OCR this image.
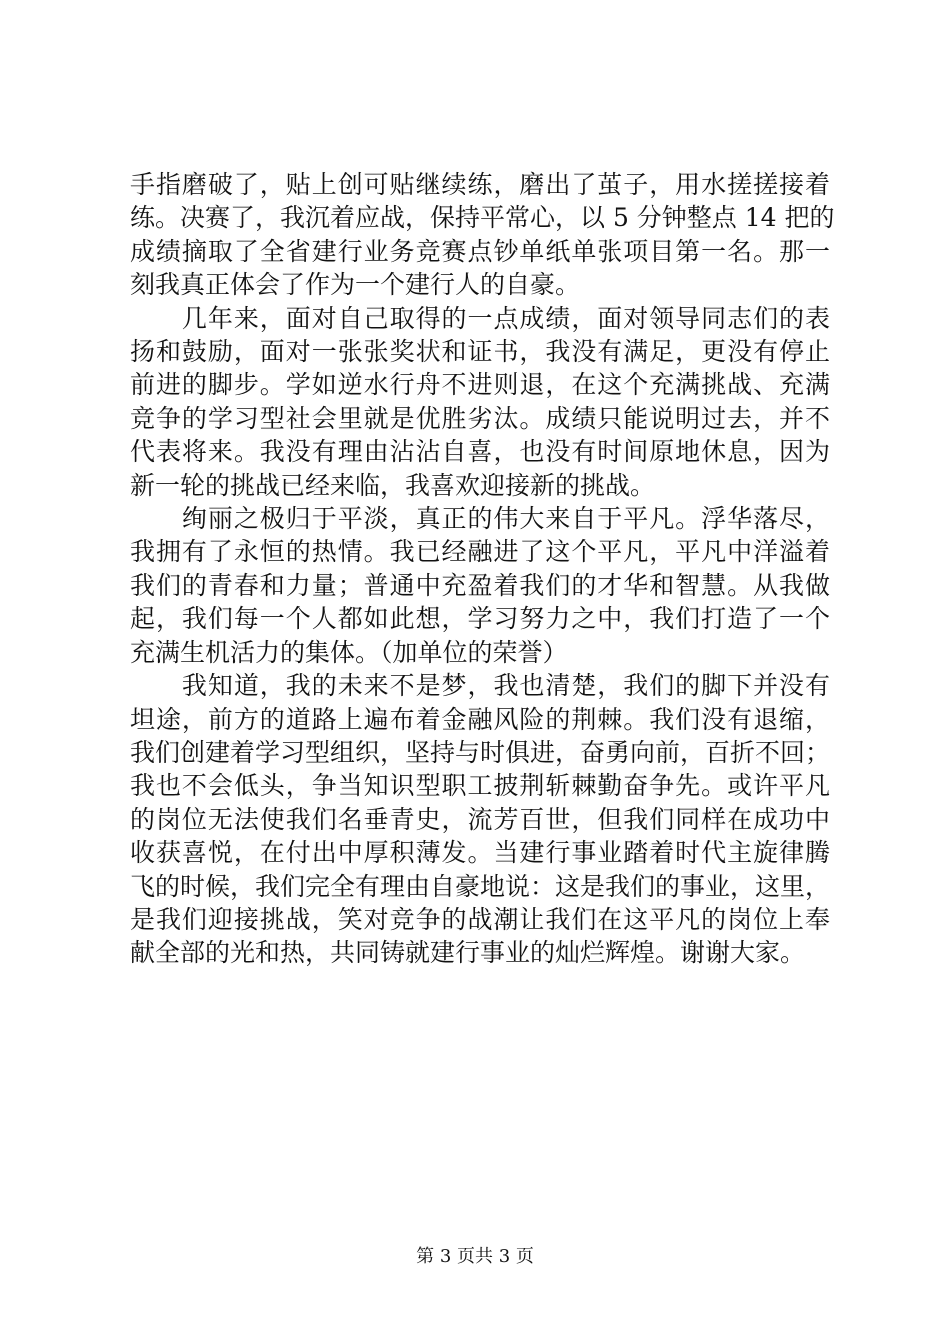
手指磨破了，贴上创可贴继续练，磨出了茧子，用水搓搓接着
练。决赛了，我沉着应战，保持平常心，以 5 分钟整点 14 把的
成绩摘取了全省建行业务竞赛点钞单纸单张项目第一名。那一
刻我真正体会了作为一个建行人的自豪。
　　几年来，面对自己取得的一点成绩，面对领导同志们的表
扬和鼓励，面对一张张奖状和证书，我没有满足，更没有停止
前进的脚步。学如逆水行舟不进则退，在这个充满挑战、充满
竞争的学习型社会里就是优胜劣汰。成绩只能说明过去，并不
代表将来。我没有理由沾沾自喜，也没有时间原地休息，因为
新一轮的挑战已经来临，我喜欢迎接新的挑战。
　　绚丽之极归于平淡，真正的伟大来自于平凡。浮华落尽，
我拥有了永恒的热情。我已经融进了这个平凡，平凡中洋溢着
我们的青春和力量；普通中充盈着我们的才华和智慧。从我做
起，我们每一个人都如此想，学习努力之中，我们打造了一个
充满生机活力的集体。（加单位的荣誉）
　　我知道，我的未来不是梦，我也清楚，我们的脚下并没有
坦途，前方的道路上遍布着金融风险的荆棘。我们没有退缩，
我们创建着学习型组织，坚持与时俱进，奋勇向前，百折不回；
我也不会低头，争当知识型职工披荆斩棘勤奋争先。或许平凡
的岗位无法使我们名垂青史，流芳百世，但我们同样在成功中
收获喜悦，在付出中厚积薄发。当建行事业踏着时代主旋律腾
飞的时候，我们完全有理由自豪地说：这是我们的事业，这里，
是我们迎接挑战，笑对竞争的战潮让我们在这平凡的岗位上奉
献全部的光和热，共同铸就建行事业的灿烂辉煌。谢谢大家。
第 3 页共 3 页
